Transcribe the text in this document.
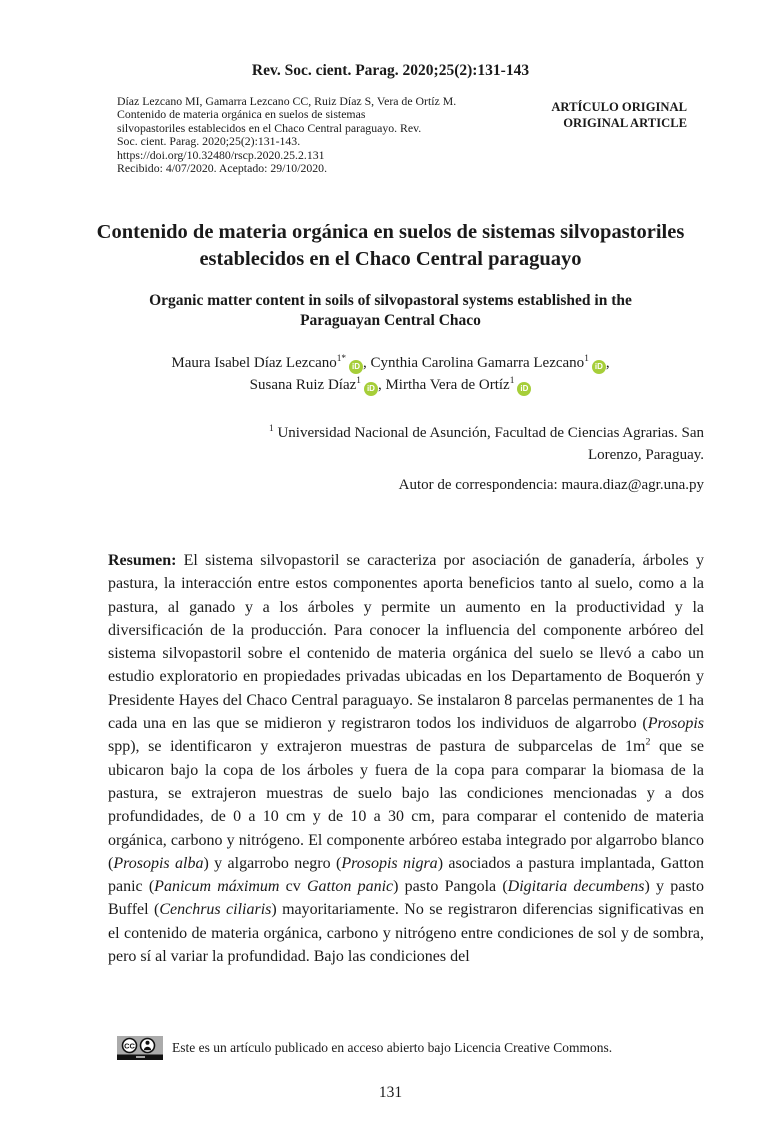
Rev. Soc. cient. Parag. 2020;25(2):131-143
Díaz Lezcano MI, Gamarra Lezcano CC, Ruiz Díaz S, Vera de Ortíz M.
Contenido de materia orgánica en suelos de sistemas
silvopastoriles establecidos en el Chaco Central paraguayo. Rev.
Soc. cient. Parag. 2020;25(2):131-143.
https://doi.org/10.32480/rscp.2020.25.2.131
Recibido: 4/07/2020. Aceptado: 29/10/2020.
ARTÍCULO ORIGINAL
ORIGINAL ARTICLE
Contenido de materia orgánica en suelos de sistemas silvopastoriles establecidos en el Chaco Central paraguayo
Organic matter content in soils of silvopastoral systems established in the Paraguayan Central Chaco
Maura Isabel Díaz Lezcano$^{1*}$iD , Cynthia Carolina Gamarra Lezcano$^1$iD ,
Susana Ruiz Díaz$^1$iD , Mirtha Vera de Ortíz$^1$iD
$^1$ Universidad Nacional de Asunción, Facultad de Ciencias Agrarias. San
Lorenzo, Paraguay.
Autor de correspondencia: maura.diaz@agr.una.py
Resumen: El sistema silvopastoril se caracteriza por asociación de ganadería, árboles y pastura, la interacción entre estos componentes aporta beneficios tanto al suelo, como a la pastura, al ganado y a los árboles y permite un aumento en la productividad y la diversificación de la producción. Para conocer la influencia del componente arbóreo del sistema silvopastoril sobre el contenido de materia orgánica del suelo se llevó a cabo un estudio exploratorio en propiedades privadas ubicadas en los Departamento de Boquerón y Presidente Hayes del Chaco Central paraguayo. Se instalaron 8 parcelas permanentes de 1 ha cada una en las que se midieron y registraron todos los individuos de algarrobo (Prosopis spp), se identificaron y extrajeron muestras de pastura de subparcelas de $1m^2$ que se ubicaron bajo la copa de los árboles y fuera de la copa para comparar la biomasa de la pastura, se extrajeron muestras de suelo bajo las condiciones mencionadas y a dos profundidades, de 0 a 10 cm y de 10 a 30 cm, para comparar el contenido de materia orgánica, carbono y nitrógeno. El componente arbóreo estaba integrado por algarrobo blanco (Prosopis alba) y algarrobo negro (Prosopis nigra) asociados a pastura implantada, Gatton panic (Panicum máximum cv Gatton panic) pasto Pangola (Digitaria decumbens) y pasto Buffel (Cenchrus ciliaris) mayoritariamente. No se registraron diferencias significativas en el contenido de materia orgánica, carbono y nitrógeno entre condiciones de sol y de sombra, pero sí al variar la profundidad. Bajo las condiciones del
CC	Este es un artículo publicado en acceso abierto bajo Licencia Creative Commons.
131
